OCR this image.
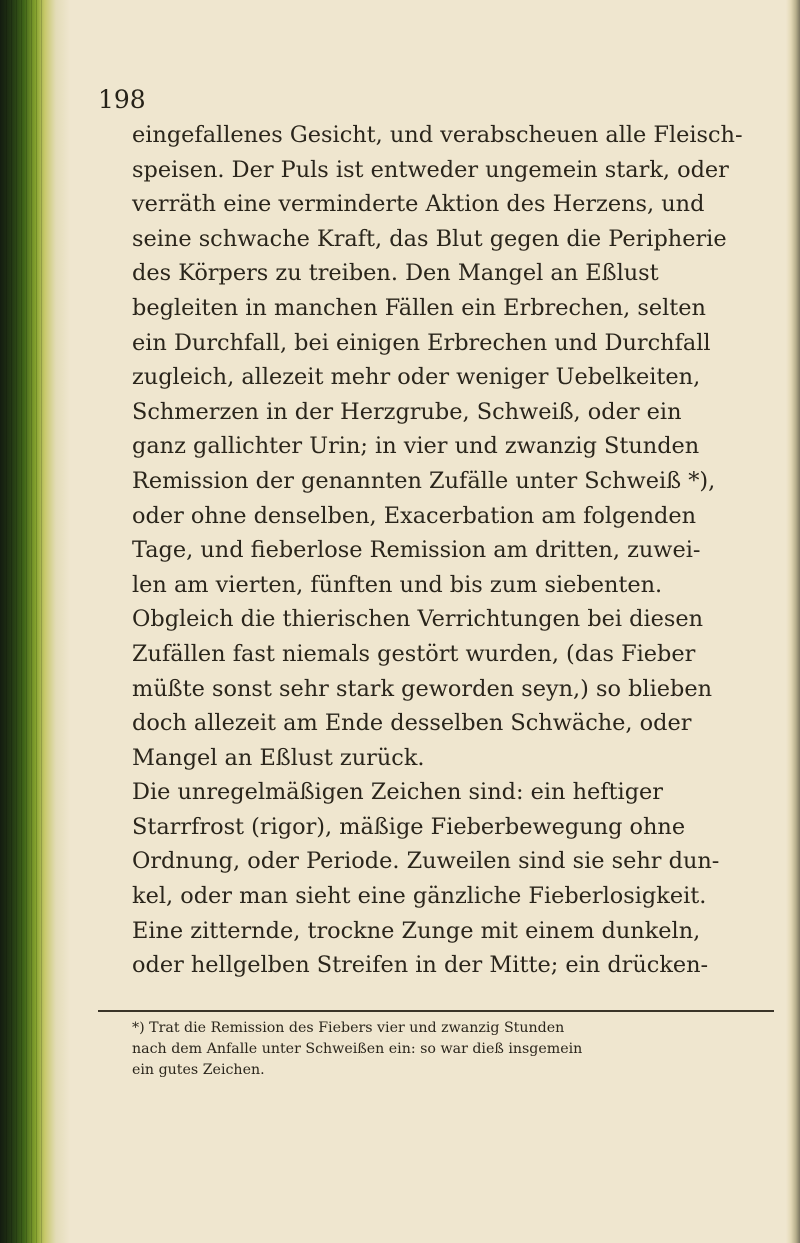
198
eingefallenes Gesicht, und verabscheuen alle Fleisch-
speisen. Der Puls ist entweder ungemein stark, oder
verräth eine verminderte Aktion des Herzens, und
seine schwache Kraft, das Blut gegen die Peripherie
des Körpers zu treiben. Den Mangel an Eßlust
begleiten in manchen Fällen ein Erbrechen, selten
ein Durchfall, bei einigen Erbrechen und Durchfall
zugleich, allezeit mehr oder weniger Uebelkeiten,
Schmerzen in der Herzgrube, Schweiß, oder ein
ganz gallichter Urin; in vier und zwanzig Stunden
Remission der genannten Zufälle unter Schweiß *),
oder ohne denselben, Exacerbation am folgenden
Tage, und fieberlose Remission am dritten, zuwei-
len am vierten, fünften und bis zum siebenten.
Obgleich die thierischen Verrichtungen bei diesen
Zufällen fast niemals gestört wurden, (das Fieber
müßte sonst sehr stark geworden seyn,) so blieben
doch allezeit am Ende desselben Schwäche, oder
Mangel an Eßlust zurück.
Die unregelmäßigen Zeichen sind: ein heftiger
Starrfrost (rigor), mäßige Fieberbewegung ohne
Ordnung, oder Periode. Zuweilen sind sie sehr dun-
kel, oder man sieht eine gänzliche Fieberlosigkeit.
Eine zitternde, trockne Zunge mit einem dunkeln,
oder hellgelben Streifen in der Mitte; ein drücken-
*) Trat die Remission des Fiebers vier und zwanzig Stunden
nach dem Anfalle unter Schweißen ein: so war dieß insgemein
ein gutes Zeichen.
